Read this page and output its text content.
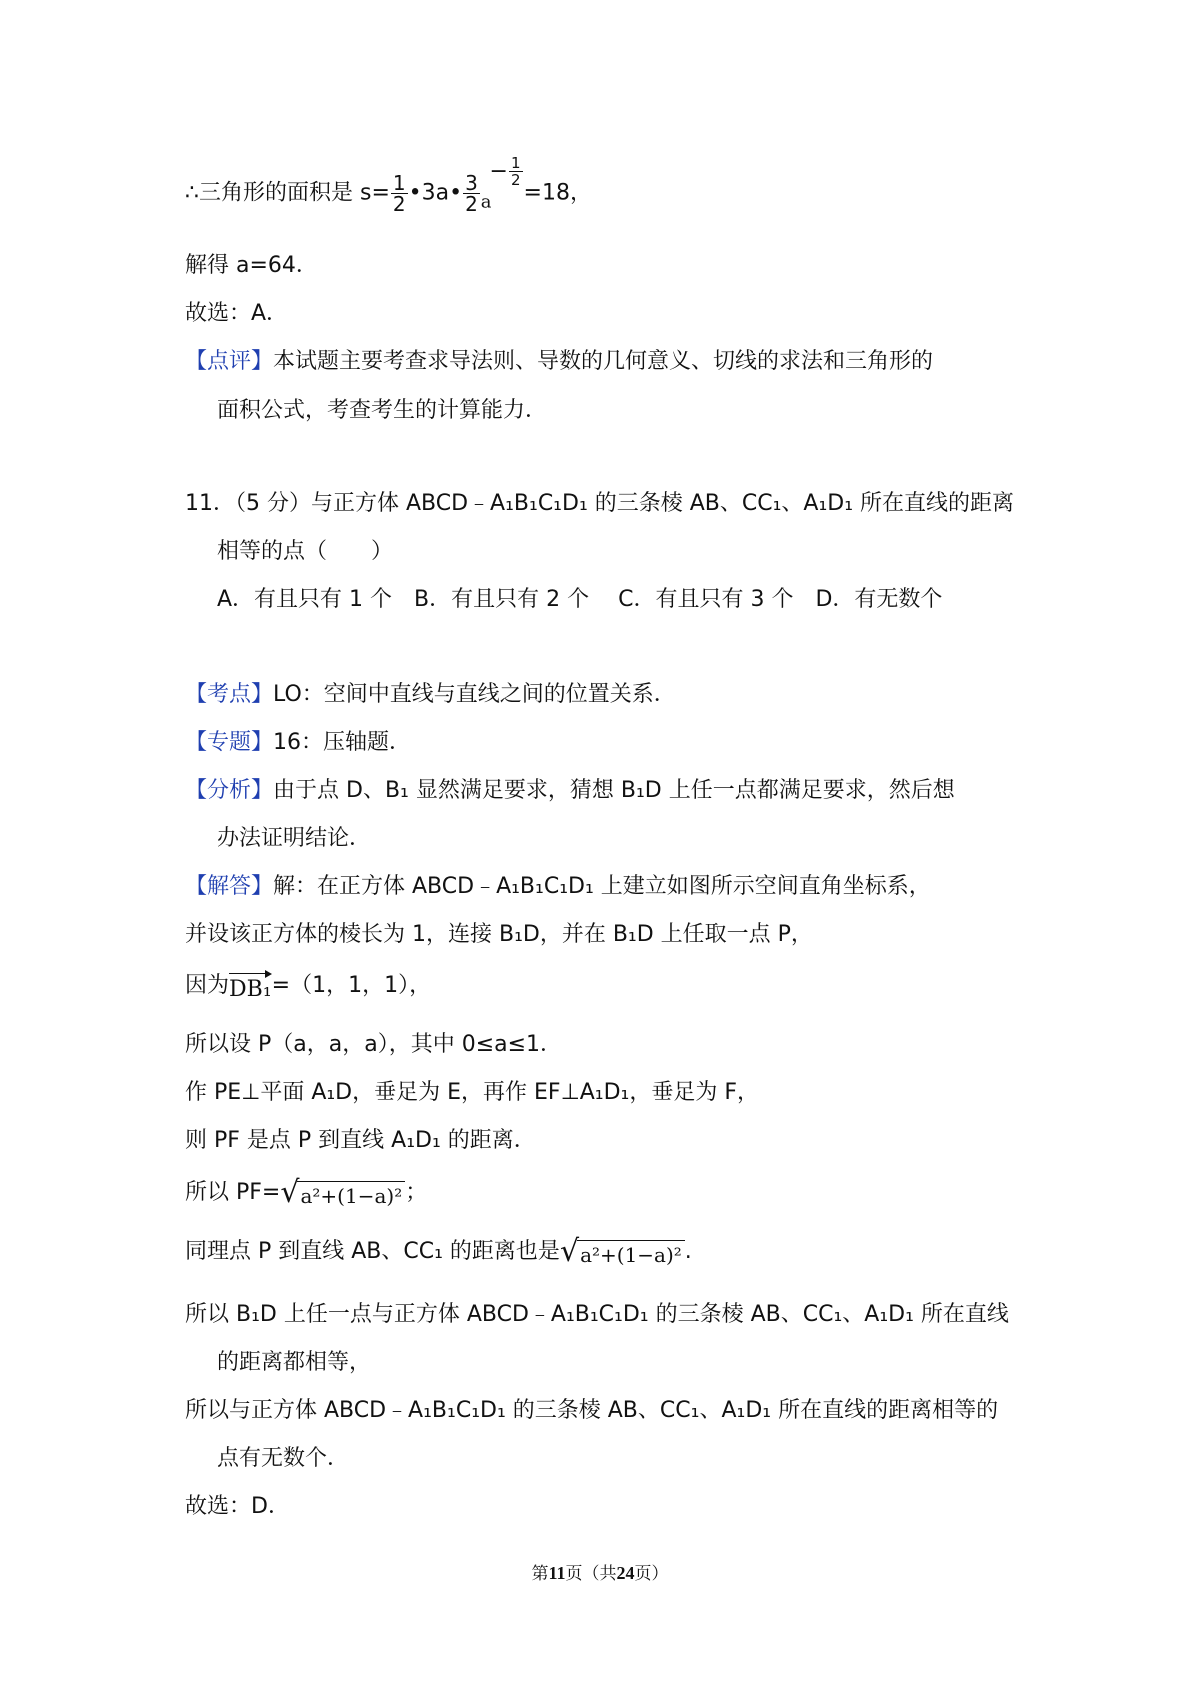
∴三角形的面积是 $s= \frac{1}{2}$ •3a• $\frac{3}{2} _a- \frac{1}{2}$
=18，
解得 a=64．
故选：A．
【点评】本试题主要考查求导法则、导数的几何意义、切线的求法和三角形的
面积公式，考查考生的计算能力．
11．（5 分）与正方体 ABCD﹣A₁B₁C₁D₁ 的三条棱 AB、CC₁、A₁D₁ 所在直线的距离
相等的点（　　）
A．有且只有 1 个　B．有且只有 2 个　 C．有且只有 3 个　D．有无数个
【考点】LO：空间中直线与直线之间的位置关系．
【专题】16：压轴题．
【分析】由于点 D、B₁ 显然满足要求，猜想 B₁D 上任一点都满足要求，然后想
办法证明结论．
【解答】解：在正方体 ABCD﹣A₁B₁C₁D₁ 上建立如图所示空间直角坐标系，
并设该正方体的棱长为 1，连接 B₁D，并在 B₁D 上任取一点 P，
因为 DB₁ =（1，1，1），
所以设 P（a，a，a），其中 0≤a≤1．
作 PE⊥平面 A₁D，垂足为 E，再作 EF⊥A₁D₁，垂足为 F，
则 PF 是点 P 到直线 A₁D₁ 的距离．
所以 PF= √ a²+(1−a)² ；
同理点 P 到直线 AB、CC₁ 的距离也是 √ a²+(1−a)² .
所以 B₁D 上任一点与正方体 ABCD﹣A₁B₁C₁D₁ 的三条棱 AB、CC₁、A₁D₁ 所在直线
的距离都相等，
所以与正方体 ABCD﹣A₁B₁C₁D₁ 的三条棱 AB、CC₁、A₁D₁ 所在直线的距离相等的
点有无数个．
故选：D．
第11页（共24页）
